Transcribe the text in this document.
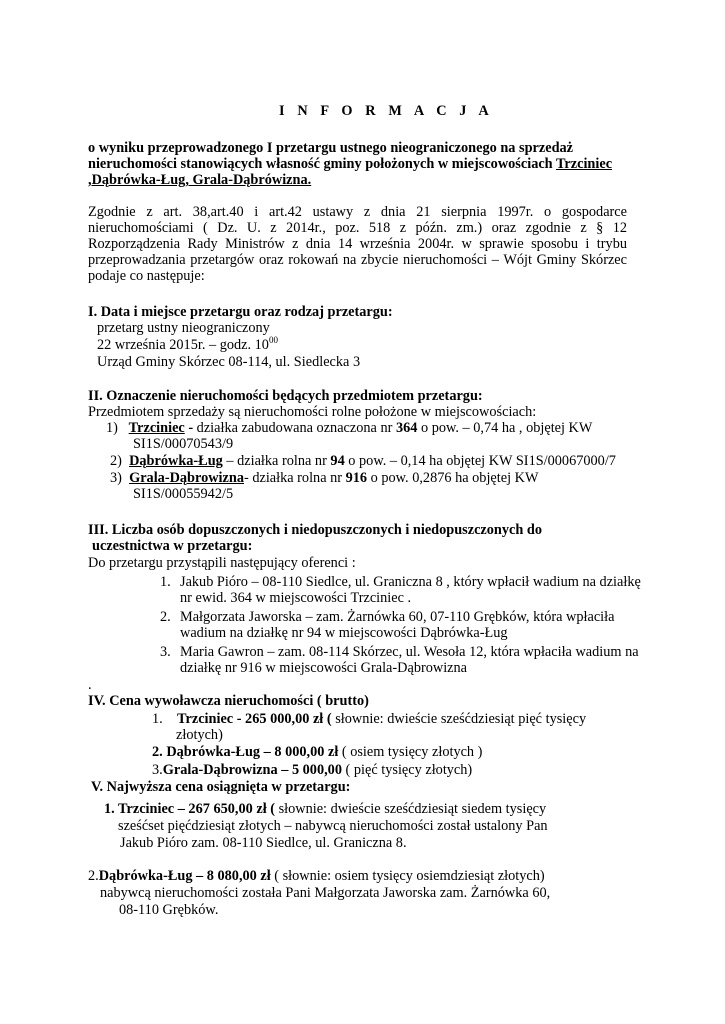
I N F O R M A C J A
o wyniku przeprowadzonego I przetargu ustnego nieograniczonego na sprzedaż
nieruchomości stanowiących własność gminy położonych w miejscowościach Trzciniec
,Dąbrówka-Ług, Grala-Dąbrówizna.
Zgodnie z art. 38,art.40 i art.42 ustawy z dnia 21 sierpnia 1997r. o gospodarce
nieruchomościami ( Dz. U. z 2014r., poz. 518 z późn. zm.) oraz zgodnie z § 12
Rozporządzenia Rady Ministrów z dnia 14 września 2004r. w sprawie sposobu i trybu
przeprowadzania przetargów oraz rokowań na zbycie nieruchomości – Wójt Gminy Skórzec
podaje co następuje:
I. Data i miejsce przetargu oraz rodzaj przetargu:
przetarg ustny nieograniczony
22 września 2015r. – godz. $10^{00}$
Urząd Gminy Skórzec 08-114, ul. Siedlecka 3
II. Oznaczenie nieruchomości będących przedmiotem przetargu:
Przedmiotem sprzedaży są nieruchomości rolne położone w miejscowościach:
1) Trzciniec - działka zabudowana oznaczona nr 364 o pow. – 0,74 ha , objętej KW
SI1S/00070543/9
2) Dąbrówka-Ług – działka rolna nr 94 o pow. – 0,14 ha objętej KW SI1S/00067000/7
3) Grala-Dąbrowizna- działka rolna nr 916 o pow. 0,2876 ha objętej KW
SI1S/00055942/5
III. Liczba osób dopuszczonych i niedopuszczonych i niedopuszczonych do
uczestnictwa w przetargu:
Do przetargu przystąpili następujący oferenci :
1. Jakub Pióro – 08-110 Siedlce, ul. Graniczna 8 , który wpłacił wadium na działkę
nr ewid. 364 w miejscowości Trzciniec .
2. Małgorzata Jaworska – zam. Żarnówka 60, 07-110 Grębków, która wpłaciła
wadium na działkę nr 94 w miejscowości Dąbrówka-Ług
3. Maria Gawron – zam. 08-114 Skórzec, ul. Wesoła 12, która wpłaciła wadium na
działkę nr 916 w miejscowości Grala-Dąbrowizna
.
IV. Cena wywoławcza nieruchomości ( brutto)
1. Trzciniec - 265 000,00 zł ( słownie: dwieście sześćdziesiąt pięć tysięcy
złotych)
2. Dąbrówka-Ług – 8 000,00 zł ( osiem tysięcy złotych )
3.Grala-Dąbrowizna – 5 000,00 ( pięć tysięcy złotych)
V. Najwyższa cena osiągnięta w przetargu:
1. Trzciniec – 267 650,00 zł ( słownie: dwieście sześćdziesiąt siedem tysięcy
sześćset pięćdziesiąt złotych – nabywcą nieruchomości został ustalony Pan
Jakub Pióro zam. 08-110 Siedlce, ul. Graniczna 8.
2.Dąbrówka-Ług – 8 080,00 zł ( słownie: osiem tysięcy osiemdziesiąt złotych)
nabywcą nieruchomości została Pani Małgorzata Jaworska zam. Żarnówka 60,
08-110 Grębków.
